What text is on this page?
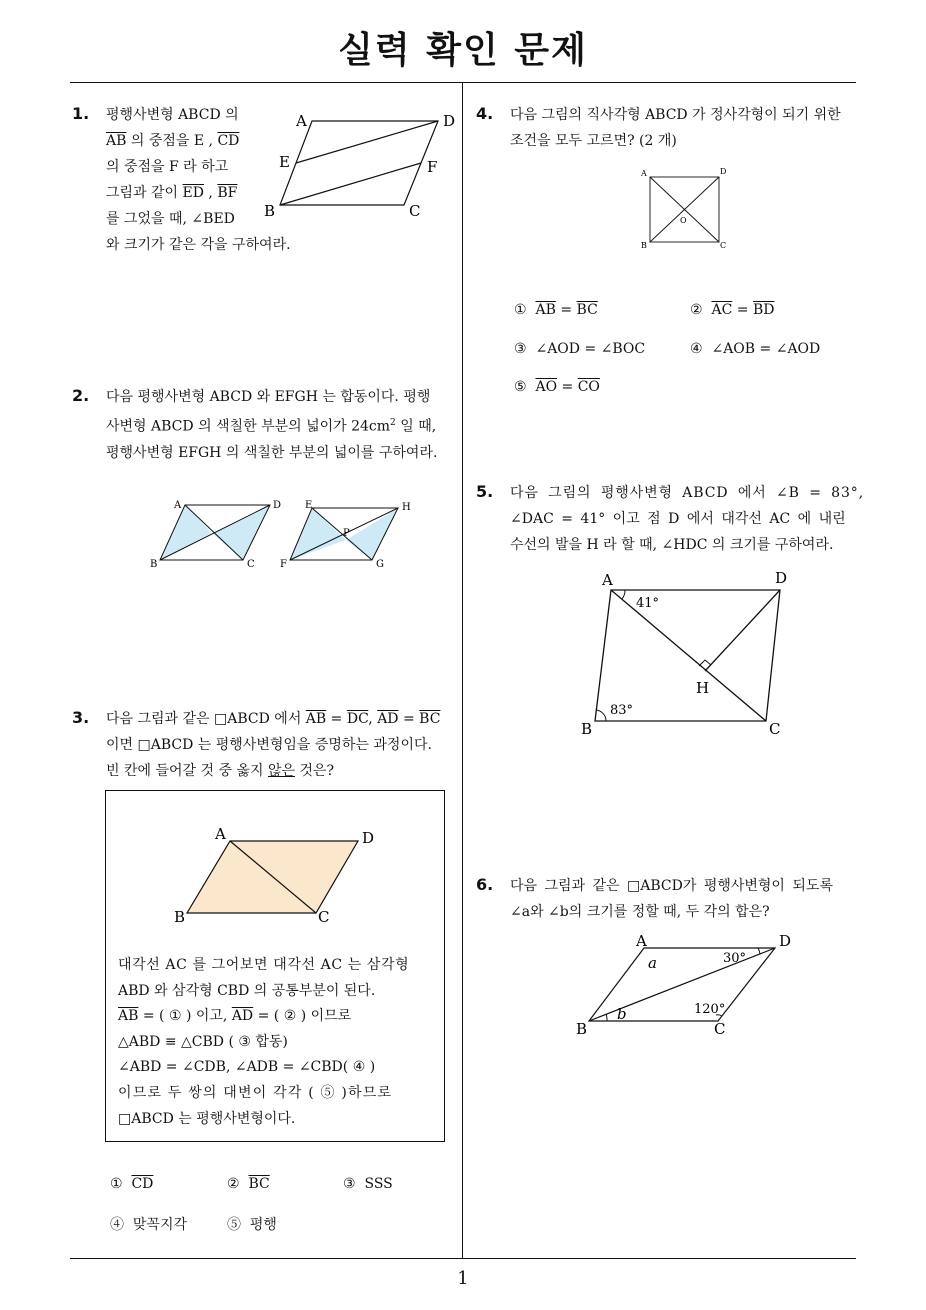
실력 확인 문제
1
1. 평행사변형 ABCD 의
$\overline{AB}$ 의 중점을 E , $\overline{CD}$
의 중점을 F 라 하고
그림과 같이 $\overline{ED}$ , $\overline{BF}$
를 그었을 때, ∠BED
와 크기가 같은 각을 구하여라.
A	D
E	F
B	C
2. 다음 평행사변형 ABCD 와 EFGH 는 합동이다. 평행
사변형 ABCD 의 색칠한 부분의 넓이가 $24cm^2$ 일 때,
평행사변형 EFGH 의 색칠한 부분의 넓이를 구하여라.
A	D
B	C
E	H
P
F	G
3. 다음 그림과 같은 □ABCD 에서 $\overline{AB} = \overline{DC}$, $\overline{AD} = \overline{BC}$
이면 □ABCD 는 평행사변형임을 증명하는 과정이다.
빈 칸에 들어갈 것 중 옳지 않은 것은?
A	D
B	C
대각선 AC 를 그어보면 대각선 AC 는 삼각형
ABD 와 삼각형 CBD 의 공통부분이 된다.
$\overline{AB}$ = ( ① ) 이고, $\overline{AD}$ = ( ② ) 이므로
△ABD ≡ △CBD ( ③ 합동)
∠ABD = ∠CDB, ∠ADB = ∠CBD( ④ )
이므로 두 쌍의 대변이 각각 ( ⑤ )하므로
□ABCD 는 평행사변형이다.
① $\overline{CD}$	② $\overline{BC}$	③ SSS
④ 맞꼭지각	⑤ 평행
4. 다음 그림의 직사각형 ABCD 가 정사각형이 되기 위한
조건을 모두 고르면? (2 개)
A	D
O
B	C
① $\overline{AB} = \overline{BC}$	② $\overline{AC} = \overline{BD}$
③ ∠AOD = ∠BOC	④ ∠AOB = ∠AOD
⑤ $\overline{AO} = \overline{CO}$
5. 다음 그림의 평행사변형 ABCD 에서 ∠B = 83°,
∠DAC = 41° 이고 점 D 에서 대각선 AC 에 내린
수선의 발을 H 라 할 때, ∠HDC 의 크기를 구하여라.
A	D
41°
H
83°
B	C
6. 다음 그림과 같은 □ABCD가 평행사변형이 되도록
∠a와 ∠b의 크기를 정할 때, 두 각의 합은?
A	D
a	30°
120°
b
B	C
